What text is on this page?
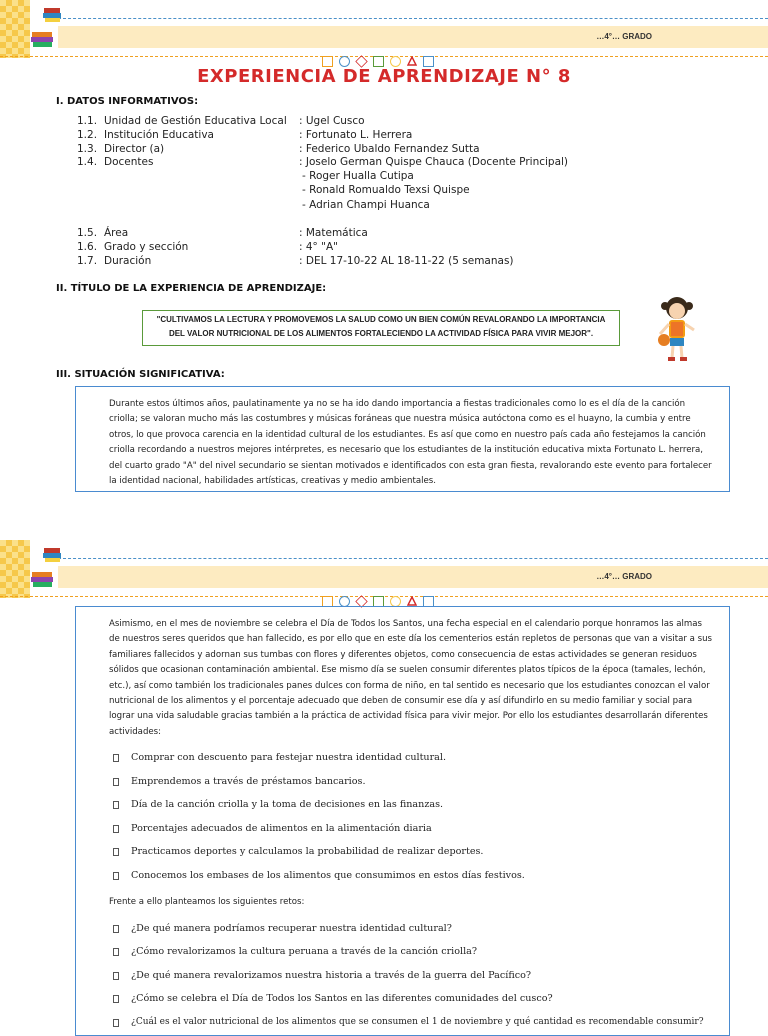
…4°… GRADO
EXPERIENCIA DE APRENDIZAJE N° 8
I. DATOS INFORMATIVOS:
1.1. Unidad de Gestión Educativa Local : Ugel Cusco
1.2. Institución Educativa	: Fortunato L. Herrera
1.3. Director (a)	: Federico Ubaldo Fernandez Sutta
1.4. Docentes	: Joselo German Quispe Chauca (Docente Principal)
- Roger Hualla Cutipa
- Ronald Romualdo Texsi Quispe
- Adrian Champi Huanca
1.5. Área	: Matemática
1.6. Grado y sección	: 4° "A"
1.7. Duración	: DEL 17-10-22 AL 18-11-22 (5 semanas)
II. TÍTULO DE LA EXPERIENCIA DE APRENDIZAJE:
"CULTIVAMOS LA LECTURA Y PROMOVEMOS LA SALUD COMO UN BIEN COMÚN REVALORANDO LA IMPORTANCIA
DEL VALOR NUTRICIONAL DE LOS ALIMENTOS FORTALECIENDO LA ACTIVIDAD FÍSICA PARA VIVIR MEJOR".
III. SITUACIÓN SIGNIFICATIVA:
Durante estos últimos años, paulatinamente ya no se ha ido dando importancia a fiestas tradicionales como lo es el día de la canción criolla; se valoran mucho más las costumbres y músicas foráneas que nuestra música autóctona como es el huayno, la cumbia y entre otros, lo que provoca carencia en la identidad cultural de los estudiantes. Es así que como en nuestro país cada año festejamos la canción criolla recordando a nuestros mejores intérpretes, es necesario que los estudiantes de la institución educativa mixta Fortunato L. herrera, del cuarto grado "A" del nivel secundario se sientan motivados e identificados con esta gran fiesta, revalorando este evento para fortalecer la identidad nacional, habilidades artísticas, creativas y medio ambientales.
…4°… GRADO
Asimismo, en el mes de noviembre se celebra el Día de Todos los Santos, una fecha especial en el calendario porque honramos las almas de nuestros seres queridos que han fallecido, es por ello que en este día los cementerios están repletos de personas que van a visitar a sus familiares fallecidos y adornan sus tumbas con flores y diferentes objetos, como consecuencia de estas actividades se generan residuos sólidos que ocasionan contaminación ambiental. Ese mismo día se suelen consumir diferentes platos típicos de la época (tamales, lechón, etc.), así como también los tradicionales panes dulces con forma de niño, en tal sentido es necesario que los estudiantes conozcan el valor nutricional de los alimentos y el porcentaje adecuado que deben de consumir ese día y así difundirlo en su medio familiar y social para lograr una vida saludable gracias también a la práctica de actividad física para vivir mejor. Por ello los estudiantes desarrollarán diferentes actividades:
Comprar con descuento para festejar nuestra identidad cultural.
Emprendemos a través de préstamos bancarios.
Día de la canción criolla y la toma de decisiones en las finanzas.
Porcentajes adecuados de alimentos en la alimentación diaria
Practicamos deportes y calculamos la probabilidad de realizar deportes.
Conocemos los embases de los alimentos que consumimos en estos días festivos.
Frente a ello planteamos los siguientes retos:
¿De qué manera podríamos recuperar nuestra identidad cultural?
¿Cómo revalorizamos la cultura peruana a través de la canción criolla?
¿De qué manera revalorizamos nuestra historia a través de la guerra del Pacífico?
¿Cómo se celebra el Día de Todos los Santos en las diferentes comunidades del cusco?
¿Cuál es el valor nutricional de los alimentos que se consumen el 1 de noviembre y qué cantidad es recomendable consumir?
